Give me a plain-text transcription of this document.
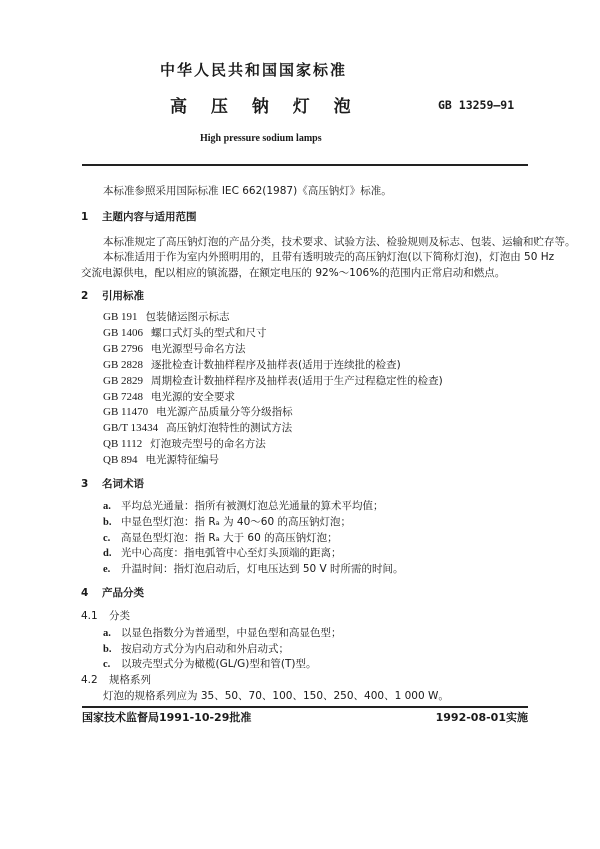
中华人民共和国国家标准
高 压 钠 灯 泡	GB 13259—91
High pressure sodium lamps
本标准参照采用国际标准 IEC 662(1987)《高压钠灯》标准。
1 主题内容与适用范围
本标准规定了高压钠灯泡的产品分类，技术要求、试验方法、检验规则及标志、包装、运输和贮存等。
本标准适用于作为室内外照明用的，且带有透明玻壳的高压钠灯泡(以下简称灯泡)，灯泡由 50 Hz
交流电源供电，配以相应的镇流器，在额定电压的 92%～106%的范围内正常启动和燃点。
2 引用标准
GB 191 包装储运图示标志
GB 1406 螺口式灯头的型式和尺寸
GB 2796 电光源型号命名方法
GB 2828 逐批检查计数抽样程序及抽样表(适用于连续批的检查)
GB 2829 周期检查计数抽样程序及抽样表(适用于生产过程稳定性的检查)
GB 7248 电光源的安全要求
GB 11470 电光源产品质量分等分级指标
GB/T 13434 高压钠灯泡特性的测试方法
QB 1112 灯泡玻壳型号的命名方法
QB 894 电光源特征编号
3 名词术语
a. 平均总光通量：指所有被测灯泡总光通量的算术平均值；
b. 中显色型灯泡：指 Rₐ 为 40～60 的高压钠灯泡；
c. 高显色型灯泡：指 Rₐ 大于 60 的高压钠灯泡；
d. 光中心高度：指电弧管中心至灯头顶端的距离；
e. 升温时间：指灯泡启动后，灯电压达到 50 V 时所需的时间。
4 产品分类
4.1 分类
a. 以显色指数分为普通型，中显色型和高显色型；
b. 按启动方式分为内启动和外启动式；
c. 以玻壳型式分为橄榄(GL/G)型和管(T)型。
4.2 规格系列
灯泡的规格系列应为 35、50、70、100、150、250、400、1 000 W。
国家技术监督局1991-10-29批准	1992-08-01实施
